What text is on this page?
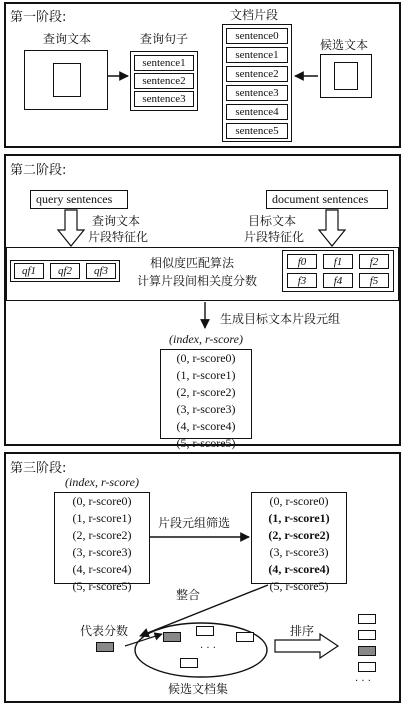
第一阶段:
查询文本	查询句子
sentence1
sentence2
sentence3
文档片段
sentence0
sentence1
sentence2
sentence3
sentence4
sentence5
候选文本
第二阶段:
query sentences	document sentences
查询文本
片段特征化
目标文本
片段特征化
qf1	qf2	qf3
相似度匹配算法
计算片段间相关度分数
f0	f1	f2
f3	f4	f5
生成目标文本片段元组
(index, r-score)
(0, r-score0)
(1, r-score1)
(2, r-score2)
(3, r-score3)
(4, r-score4)
(5, r-score5)
第三阶段:
(index, r-score)
(0, r-score0)
(1, r-score1)
(2, r-score2)
(3, r-score3)
(4, r-score4)
(5, r-score5)
片段元组筛选
(0, r-score0)
(1, r-score1)
(2, r-score2)
(3, r-score3)
(4, r-score4)
(5, r-score5)
整合
代表分数
· · ·
候选文档集
排序
· · ·
